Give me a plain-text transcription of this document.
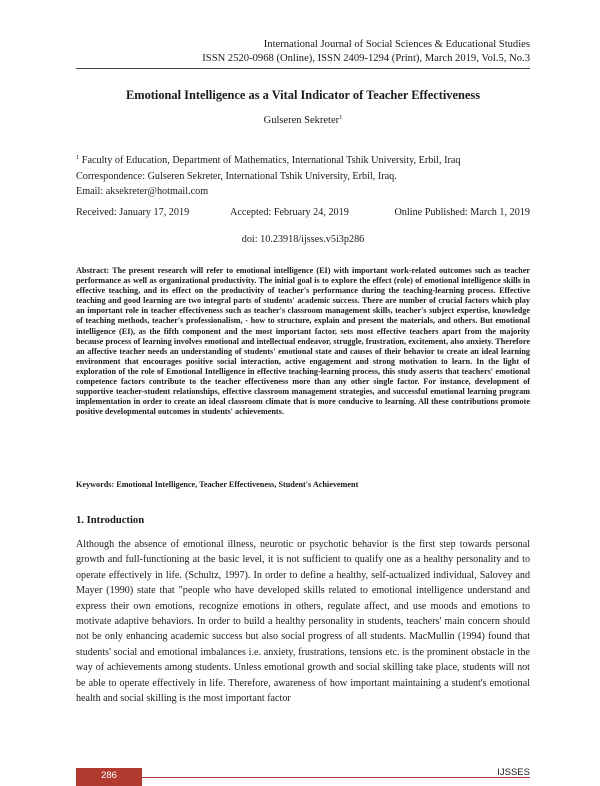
International Journal of Social Sciences & Educational Studies
ISSN 2520-0968 (Online), ISSN 2409-1294 (Print), March 2019, Vol.5, No.3
Emotional Intelligence as a Vital Indicator of Teacher Effectiveness
Gulseren Sekreter$^1$
$^1$ Faculty of Education, Department of Mathematics, International Tshik University, Erbil, Iraq
Correspondence: Gulseren Sekreter, International Tshik University, Erbil, Iraq.
Email: aksekreter@hotmail.com
Received: January 17, 2019	Accepted: February 24, 2019	Online Published: March 1, 2019
doi: 10.23918/ijsses.v5i3p286
Abstract: The present research will refer to emotional intelligence (EI) with important work-related outcomes such as teacher performance as well as organizational productivity. The initial goal is to explore the effect (role) of emotional intelligence skills in effective teaching, and its effect on the productivity of teacher's performance during the teaching-learning process. Effective teaching and good learning are two integral parts of students' academic success. There are number of crucial factors which play an important role in teacher effectiveness such as teacher's classroom management skills, teacher's subject expertise, knowledge of teaching methods, teacher's professionalism, - how to structure, explain and present the materials, and others. But emotional intelligence (EI), as the fifth component and the most important factor, sets most effective teachers apart from the majority because process of learning involves emotional and intellectual endeavor, struggle, frustration, excitement, also anxiety. Therefore an affective teacher needs an understanding of students' emotional state and causes of their behavior to create an ideal learning environment that encourages positive social interaction, active engagement and strong motivation to learn. In the light of exploration of the role of Emotional Intelligence in effective teaching-learning process, this study asserts that teachers' emotional competence factors contribute to the teacher effectiveness more than any other single factor. For instance, development of supportive teacher-student relationships, effective classroom management strategies, and successful emotional learning program implementation in order to create an ideal classroom climate that is more conducive to learning. All these contributions promote positive developmental outcomes in students' achievements.
Keywords: Emotional Intelligence, Teacher Effectiveness, Student's Achievement
1. Introduction
Although the absence of emotional illness, neurotic or psychotic behavior is the first step towards personal growth and full-functioning at the basic level, it is not sufficient to qualify one as a healthy personality and to operate effectively in life. (Schultz, 1997). In order to define a healthy, self-actualized individual, Salovey and Mayer (1990) state that "people who have developed skills related to emotional intelligence understand and express their own emotions, recognize emotions in others, regulate affect, and use moods and emotions to motivate adaptive behaviors. In order to build a healthy personality in students, teachers' main concern should not be only enhancing academic success but also social progress of all students. MacMullin (1994) found that students' social and emotional imbalances i.e. anxiety, frustrations, tensions etc. is the prominent obstacle in the way of achievements among students. Unless emotional growth and social skilling take place, students will not be able to operate effectively in life. Therefore, awareness of how important maintaining a student's emotional health and social skilling is the most important factor
286	IJSSES
